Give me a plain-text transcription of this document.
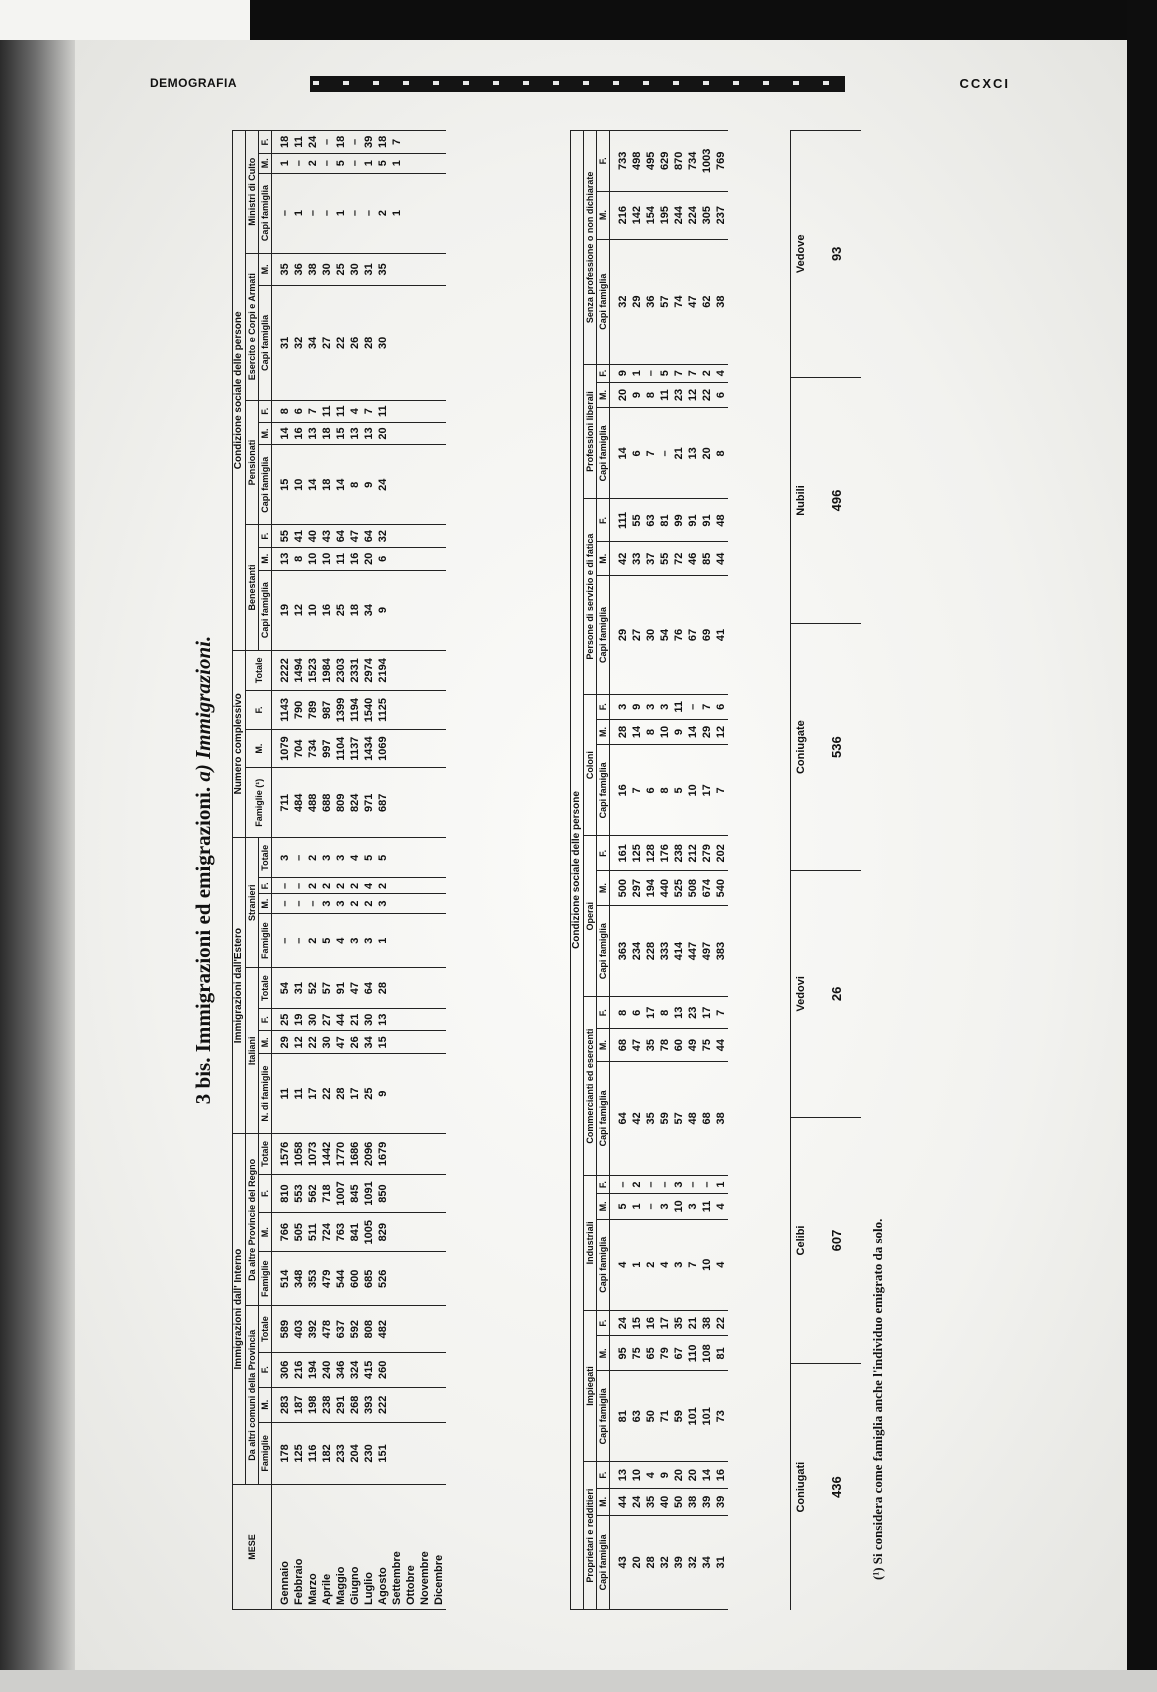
DEMOGRAFIA	CCXCI
3 bis. Immigrazioni ed emigrazioni. a) Immigrazioni.
MESE	Immigrazioni dall' Interno								Immigrazioni dall'Estero								Numero complessivo				Condizione sociale delle persone										
	Da altri comuni della Provincia				Da altre Provincie del Regno				Italiani				Stranieri				Famiglie (¹)	M.	F.	Totale	Benestanti			Pensionati			Esercito e Corpi e Armati		Ministri di Culto		
	Famiglie	M.	F.	Totale	Famiglie	M.	F.	Totale	N. di famiglie	M.	F.	Totale	Famiglie	M.	F.	Totale					Capi famiglia	M.	F.	Capi famiglia	M.	F.	Capi famiglia	M.	Capi famiglia	M.	F.
Gennaio	178	283	306	589	514	766	810	1576	11	29	25	54	–	–	–	3	711	1079	1143	2222	19	13	55	15	14	8	31	35	–	1	18
Febbraio	125	187	216	403	348	505	553	1058	11	12	19	31	–	–	–	–	484	704	790	1494	12	8	41	10	16	6	32	36	1	–	11
Marzo	116	198	194	392	353	511	562	1073	17	22	30	52	2	–	2	2	488	734	789	1523	10	10	40	14	13	7	34	38	–	2	24
Aprile	182	238	240	478	479	724	718	1442	22	30	27	57	5	3	2	3	688	997	987	1984	16	10	43	18	18	11	27	30	–	–	–
Maggio	233	291	346	637	544	763	1007	1770	28	47	44	91	4	3	2	3	809	1104	1399	2303	25	11	64	14	15	11	22	25	1	5	18
Giugno	204	268	324	592	600	841	845	1686	17	26	21	47	3	2	2	4	824	1137	1194	2331	18	16	47	8	13	4	26	30	–	–	–
Luglio	230	393	415	808	685	1005	1091	2096	25	34	30	64	3	2	4	5	971	1434	1540	2974	34	20	64	9	13	7	28	31	–	1	39
Agosto	151	222	260	482	526	829	850	1679	9	15	13	28	1	3	2	5	687	1069	1125	2194	9	6	32	24	20	11	30	35	2	5	18
Settembre																													1	1	7
Ottobre																															
Novembre																															
Dicembre																															
Condizione sociale delle persone																										
Proprietari e redditieri			Impiegati			Industriali			Commercianti ed esercenti			Operai			Coloni			Persone di servizio e di fatica			Professioni liberali			Senza professione o non dichiarate		
Capi famiglia	M.	F.	Capi famiglia	M.	F.	Capi famiglia	M.	F.	Capi famiglia	M.	F.	Capi famiglia	M.	F.	Capi famiglia	M.	F.	Capi famiglia	M.	F.	Capi famiglia	M.	F.	Capi famiglia	M.	F.
43	44	13	81	95	24	4	5	–	64	68	8	363	500	161	16	28	3	29	42	111	14	20	9	32	216	733
20	24	10	63	75	15	1	1	2	42	47	6	234	297	125	7	14	9	27	33	55	6	9	1	29	142	498
28	35	4	50	65	16	2	–	–	35	35	17	228	194	128	6	8	3	30	37	63	7	8	–	36	154	495
32	40	9	71	79	17	4	3	–	59	78	8	333	440	176	8	10	3	54	55	81	–	11	5	57	195	629
39	50	20	59	67	35	3	10	3	57	60	13	414	525	238	5	9	11	76	72	99	21	23	7	74	244	870
32	38	20	101	110	21	7	3	–	48	49	23	447	508	212	10	14	–	67	46	91	13	12	7	47	224	734
34	39	14	101	108	38	10	11	–	68	75	17	497	674	279	17	29	7	69	85	91	20	22	2	62	305	1003
31	39	16	73	81	22	4	4	1	38	44	7	383	540	202	7	12	6	41	44	48	8	6	4	38	237	769
(¹) Si considera come famiglia anche l'individuo emigrato da solo.
Coniugati 436
Celibi 607
Vedovi 26
Coniugate 536
Nubili 496
Vedove 93
